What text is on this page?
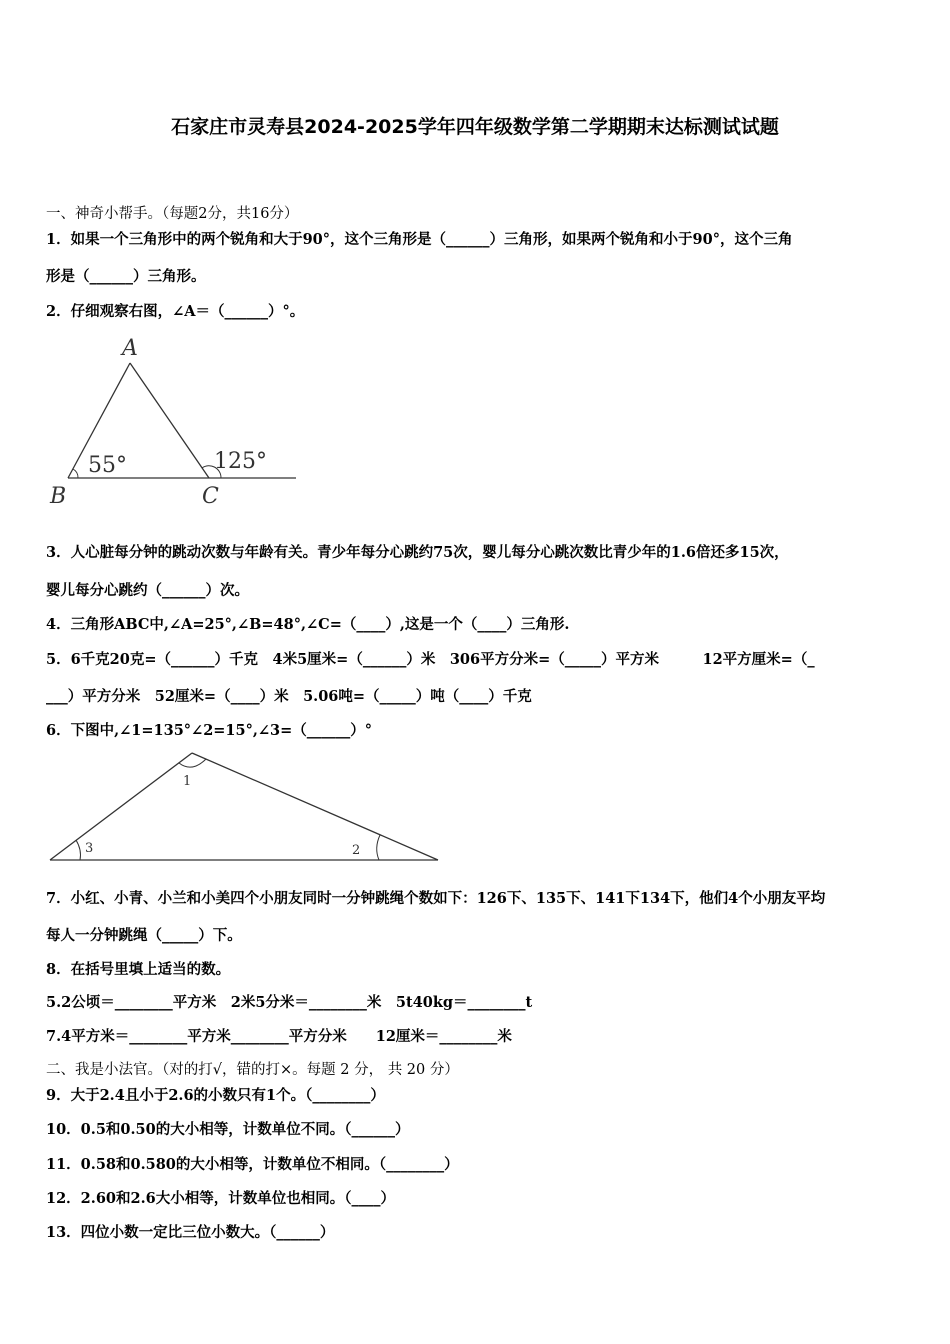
石家庄市灵寿县2024-2025学年四年级数学第二学期期末达标测试试题
一、神奇小帮手。（每题2分，共16分）
1．如果一个三角形中的两个锐角和大于90°，这个三角形是（______）三角形，如果两个锐角和小于90°，这个三角
形是（______）三角形。
2．仔细观察右图，∠A＝（______）°。
A
B	C
55°	125°
3．人心脏每分钟的跳动次数与年龄有关。青少年每分心跳约75次，婴儿每分心跳次数比青少年的1.6倍还多15次，
婴儿每分心跳约（______）次。
4．三角形ABC中,∠A=25°,∠B=48°,∠C=（____）,这是一个（____）三角形.
5．6千克20克=（______）千克　4米5厘米=（______）米　306平方分米=（_____）平方米　　　12平方厘米=（_
___）平方分米　52厘米=（____）米　5.06吨=（_____）吨（____）千克
6．下图中,∠1=135°∠2=15°,∠3=（______）°
1
2
3
7．小红、小青、小兰和小美四个小朋友同时一分钟跳绳个数如下：126下、135下、141下134下，他们4个小朋友平均
每人一分钟跳绳（_____）下。
8．在括号里填上适当的数。
5.2公顷＝________平方米　2米5分米＝________米　5t40kg＝________t
7.4平方米＝________平方米________平方分米　　12厘米＝________米
二、我是小法官。（对的打√，错的打×。每题 2 分， 共 20 分）
9．大于2.4且小于2.6的小数只有1个。（________）
10．0.5和0.50的大小相等，计数单位不同。（______）
11．0.58和0.580的大小相等，计数单位不相同。（________）
12．2.60和2.6大小相等，计数单位也相同。（____）
13．四位小数一定比三位小数大。（______）
